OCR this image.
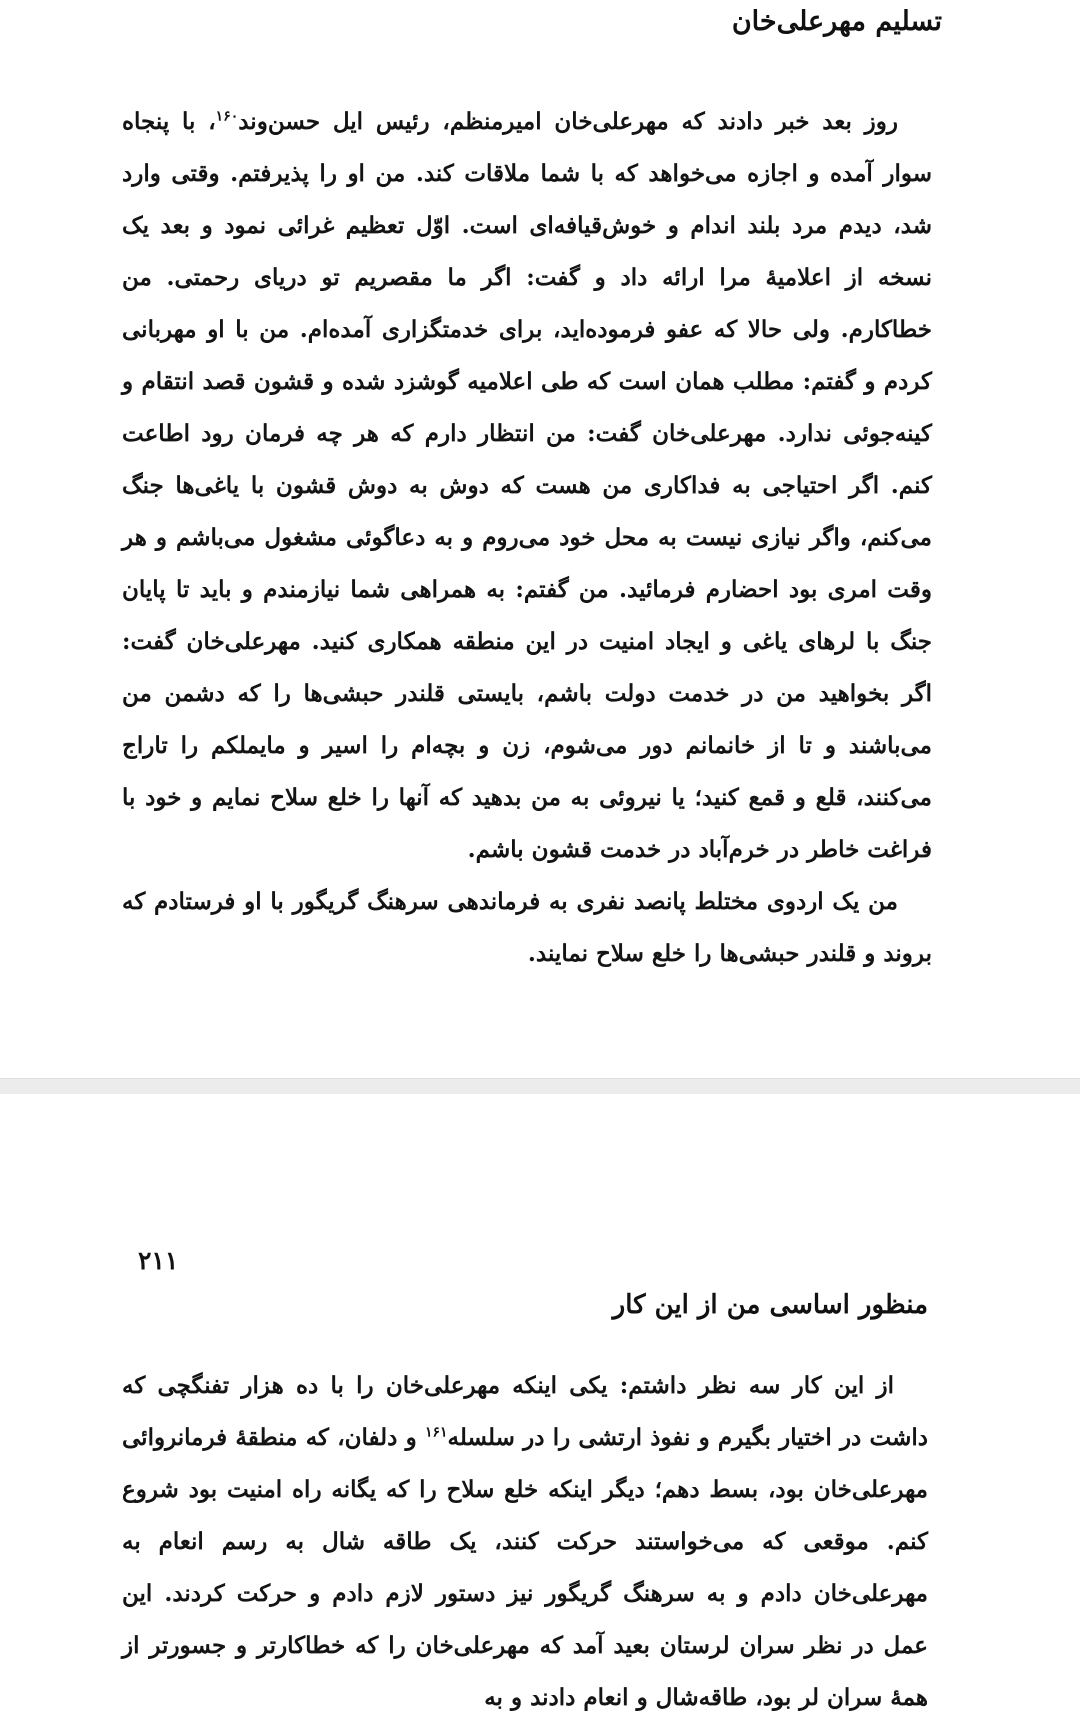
تسلیم مهرعلی‌خان

روز بعد خبر دادند که مهرعلی‌خان امیرمنظم، رئیس ایل حسن‌وند$^{۱۶۰}$، با پنجاه سوار آمده و اجازه می‌خواهد که با شما ملاقات کند. من او را پذیرفتم. وقتی وارد شد، دیدم مرد بلند اندام و خوش‌قیافه‌ای است. اوّل تعظیم غرائی نمود و بعد یک نسخه از اعلامیهٔ مرا ارائه داد و گفت: اگر ما مقصریم تو دریای رحمتی. من خطاکارم. ولی حالا که عفو فرموده‌اید، برای خدمتگزاری آمده‌ام. من با او مهربانی کردم و گفتم: مطلب همان است که طی اعلامیه گوشزد شده و قشون قصد انتقام و کینه‌جوئی ندارد. مهرعلی‌خان گفت: من انتظار دارم که هر چه فرمان رود اطاعت کنم. اگر احتیاجی به فداکاری من هست که دوش به دوش قشون با یاغی‌ها جنگ می‌کنم، واگر نیازی نیست به محل خود می‌روم و به دعاگوئی مشغول می‌باشم و هر وقت امری بود احضارم فرمائید. من گفتم: به همراهی شما نیازمندم و باید تا پایان جنگ با لرهای یاغی و ایجاد امنیت در این منطقه همکاری کنید. مهرعلی‌خان گفت: اگر بخواهید من در خدمت دولت باشم، بایستی قلندر حبشی‌ها را که دشمن من می‌باشند و تا از خانمانم دور می‌شوم، زن و بچه‌ام را اسیر و مایملکم را تاراج می‌کنند، قلع و قمع کنید؛ یا نیروئی به من بدهید که آنها را خلع سلاح نمایم و خود با فراغت خاطر در خرم‌آباد در خدمت قشون باشم.

من یک اردوی مختلط پانصد نفری به فرماندهی سرهنگ گریگور با او فرستادم که بروند و قلندر حبشی‌ها را خلع سلاح نمایند.

۲۱۱
منظور اساسی من از این کار

از این کار سه نظر داشتم: یکی اینکه مهرعلی‌خان را با ده هزار تفنگچی که داشت در اختیار بگیرم و نفوذ ارتشی را در سلسله$^{۱۶۱}$ و دلفان، که منطقهٔ فرمانروائی مهرعلی‌خان بود، بسط دهم؛ دیگر اینکه خلع سلاح را که یگانه راه امنیت بود شروع کنم. موقعی که می‌خواستند حرکت کنند، یک طاقه شال به رسم انعام به مهرعلی‌خان دادم و به سرهنگ گریگور نیز دستور لازم دادم و حرکت کردند. این عمل در نظر سران لرستان بعید آمد که مهرعلی‌خان را که خطاکارتر و جسورتر از همهٔ سران لر بود، طاقه‌شال و انعام دادند و به
